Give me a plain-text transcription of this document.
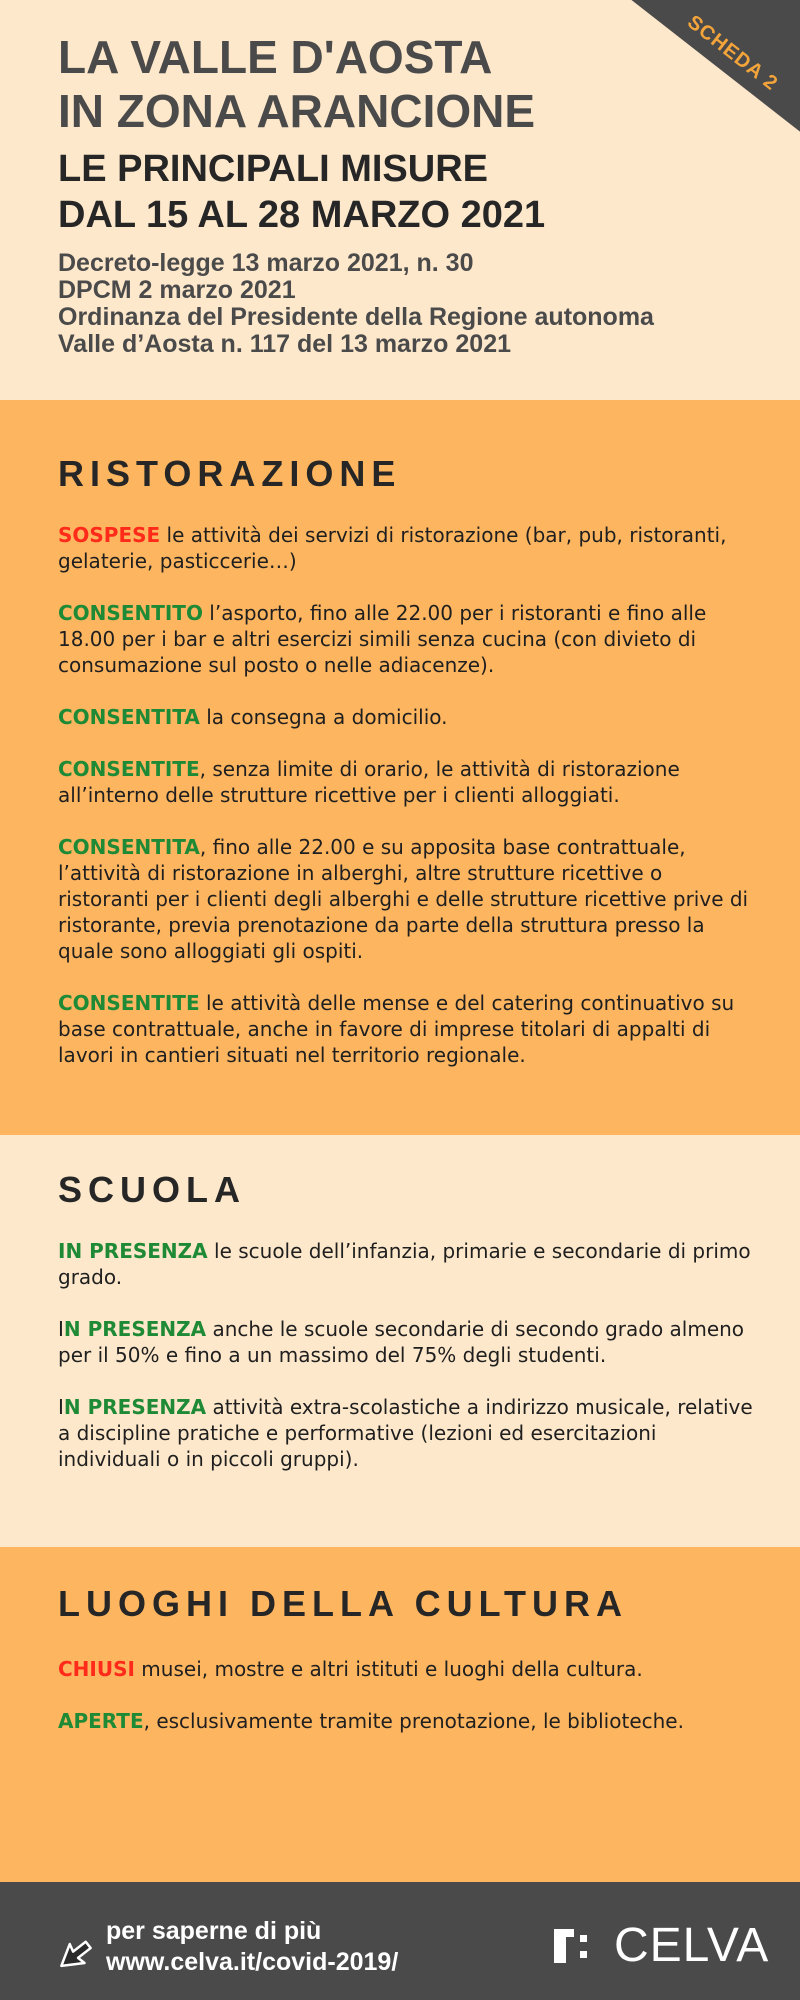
SCHEDA 2
LA VALLE D'AOSTA
IN ZONA ARANCIONE
LE PRINCIPALI MISURE
DAL 15 AL 28 MARZO 2021
Decreto-legge 13 marzo 2021, n. 30
DPCM 2 marzo 2021
Ordinanza del Presidente della Regione autonoma
Valle d’Aosta n. 117 del 13 marzo 2021
RISTORAZIONE

SOSPESE le attività dei servizi di ristorazione (bar, pub, ristoranti, gelaterie, pasticcerie…)

CONSENTITO l’asporto, fino alle 22.00 per i ristoranti e fino alle 18.00 per i bar e altri esercizi simili senza cucina (con divieto di consumazione sul posto o nelle adiacenze).

CONSENTITA la consegna a domicilio.

CONSENTITE, senza limite di orario, le attività di ristorazione all’interno delle strutture ricettive per i clienti alloggiati.

CONSENTITA, fino alle 22.00 e su apposita base contrattuale, l’attività di ristorazione in alberghi, altre strutture ricettive o ristoranti per i clienti degli alberghi e delle strutture ricettive prive di ristorante, previa prenotazione da parte della struttura presso la quale sono alloggiati gli ospiti.

CONSENTITE le attività delle mense e del catering continuativo su base contrattuale, anche in favore di imprese titolari di appalti di lavori in cantieri situati nel territorio regionale.

SCUOLA

IN PRESENZA le scuole dell’infanzia, primarie e secondarie di primo grado.

IN PRESENZA anche le scuole secondarie di secondo grado almeno per il 50% e fino a un massimo del 75% degli studenti.

IN PRESENZA attività extra-scolastiche a indirizzo musicale, relative a discipline pratiche e performative (lezioni ed esercitazioni individuali o in piccoli gruppi).

LUOGHI DELLA CULTURA

CHIUSI musei, mostre e altri istituti e luoghi della cultura.

APERTE, esclusivamente tramite prenotazione, le biblioteche.

per saperne di più
www.celva.it/covid-2019/	CELVA
